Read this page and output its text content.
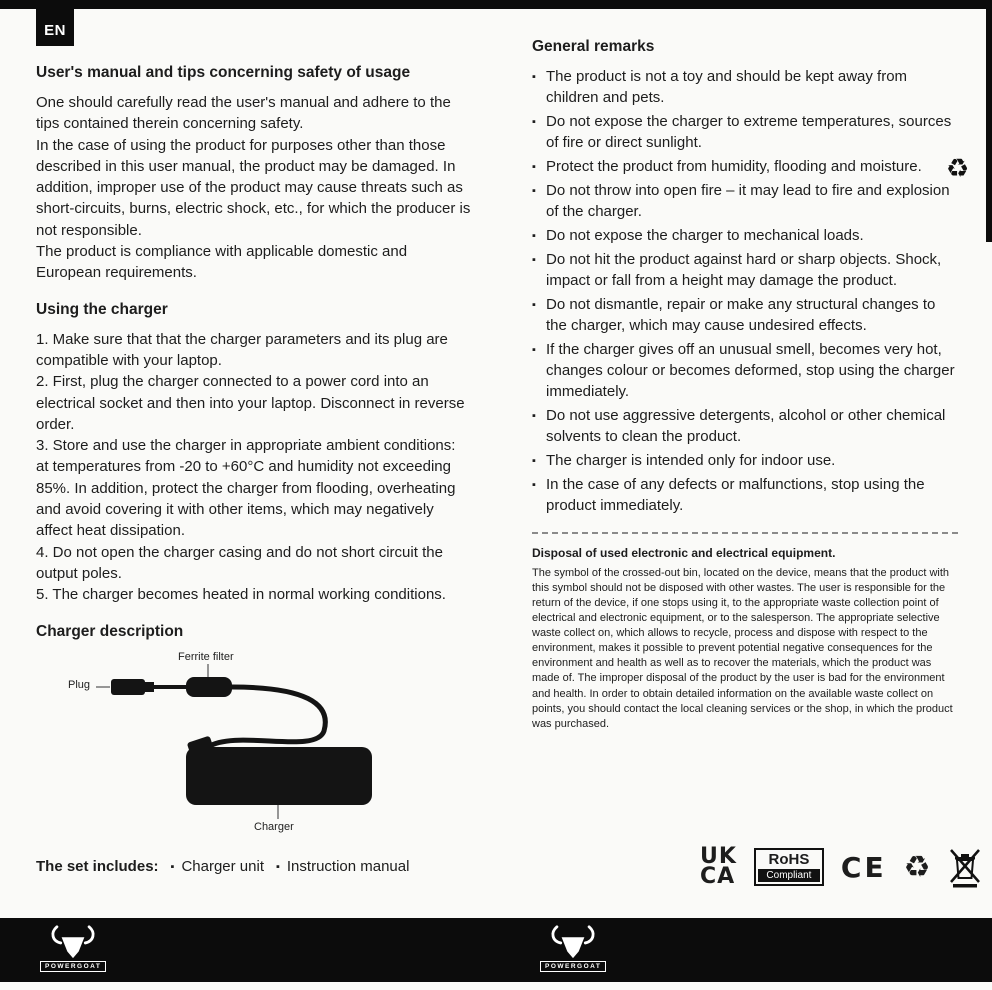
EN
♻
User's manual and tips concerning safety of usage

One should carefully read the user's manual and adhere to the tips contained therein concerning safety.

In the case of using the product for purposes other than those described in this user manual, the product may be damaged. In addition, improper use of the product may cause threats such as short-circuits, burns, electric shock, etc., for which the producer is not responsible.

The product is compliance with applicable domestic and European requirements.

Using the charger

1. Make sure that that the charger parameters and its plug are compatible with your laptop.

2. First, plug the charger connected to a power cord into an electrical socket and then into your laptop. Disconnect in reverse order.

3. Store and use the charger in appropriate ambient conditions: at temperatures from -20 to +60°C and humidity not exceeding 85%. In addition, protect the charger from flooding, overheating and avoid covering it with other items, which may negatively affect heat dissipation.

4. Do not open the charger casing and do not short circuit the output poles.

5. The charger becomes heated in normal working conditions.

Charger description
Ferrite filter
Plug
Charger
The set includes: ▪ Charger unit ▪ Instruction manual
General remarks
▪ The product is not a toy and should be kept away from children and pets.
▪ Do not expose the charger to extreme temperatures, sources of fire or direct sunlight.
▪ Protect the product from humidity, flooding and moisture.
▪ Do not throw into open fire – it may lead to fire and explosion of the charger.
▪ Do not expose the charger to mechanical loads.
▪ Do not hit the product against hard or sharp objects. Shock, impact or fall from a height may damage the product.
▪ Do not dismantle, repair or make any structural changes to the charger, which may cause undesired effects.
▪ If the charger gives off an unusual smell, becomes very hot, changes colour or becomes deformed, stop using the charger immediately.
▪ Do not use aggressive detergents, alcohol or other chemical solvents to clean the product.
▪ The charger is intended only for indoor use.
▪ In the case of any defects or malfunctions, stop using the product immediately.
Disposal of used electronic and electrical equipment.

The symbol of the crossed-out bin, located on the device, means that the product with this symbol should not be disposed with other wastes. The user is responsible for the return of the device, if one stops using it, to the appropriate waste collection point of electrical and electronic equipment, or to the salesperson. The appropriate selective waste collect on, which allows to recycle, process and dispose with respect to the environment, makes it possible to prevent potential negative consequences for the environment and health as well as to recover the materials, which the product was made of. The improper disposal of the product by the user is bad for the environment and health. In order to obtain detailed information on the available waste collect on points, you should contact the local cleaning services or the shop, in which the product was purchased.

UK
CA
RoHS
Compliant	CE ♻
POWERGOAT	POWERGOAT
